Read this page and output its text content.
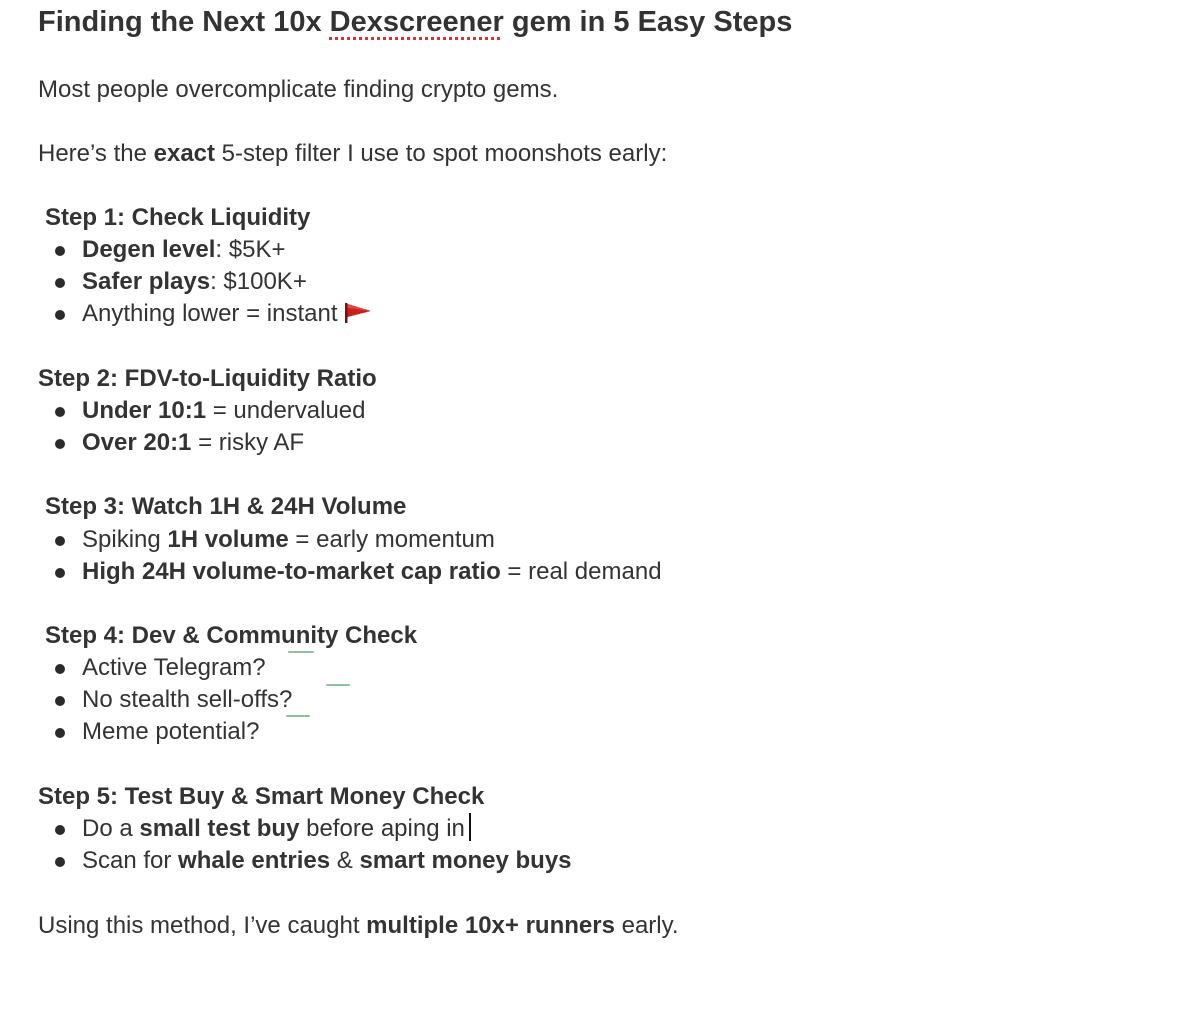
Finding the Next 10x Dexscreener gem in 5 Easy Steps

Most people overcomplicate finding crypto gems.

Here’s the exact 5-step filter I use to spot moonshots early:

Step 1: Check Liquidity

Degen level: $5K+
Safer plays: $100K+
Anything lower = instant

Step 2: FDV-to-Liquidity Ratio

Under 10:1 = undervalued
Over 20:1 = risky AF

Step 3: Watch 1H & 24H Volume

Spiking 1H volume = early momentum
High 24H volume-to-market cap ratio = real demand

Step 4: Dev & Community Check

Active Telegram?
No stealth sell-offs?
Meme potential?

Step 5: Test Buy & Smart Money Check

Do a small test buy before aping in
Scan for whale entries & smart money buys

Using this method, I’ve caught multiple 10x+ runners early.
